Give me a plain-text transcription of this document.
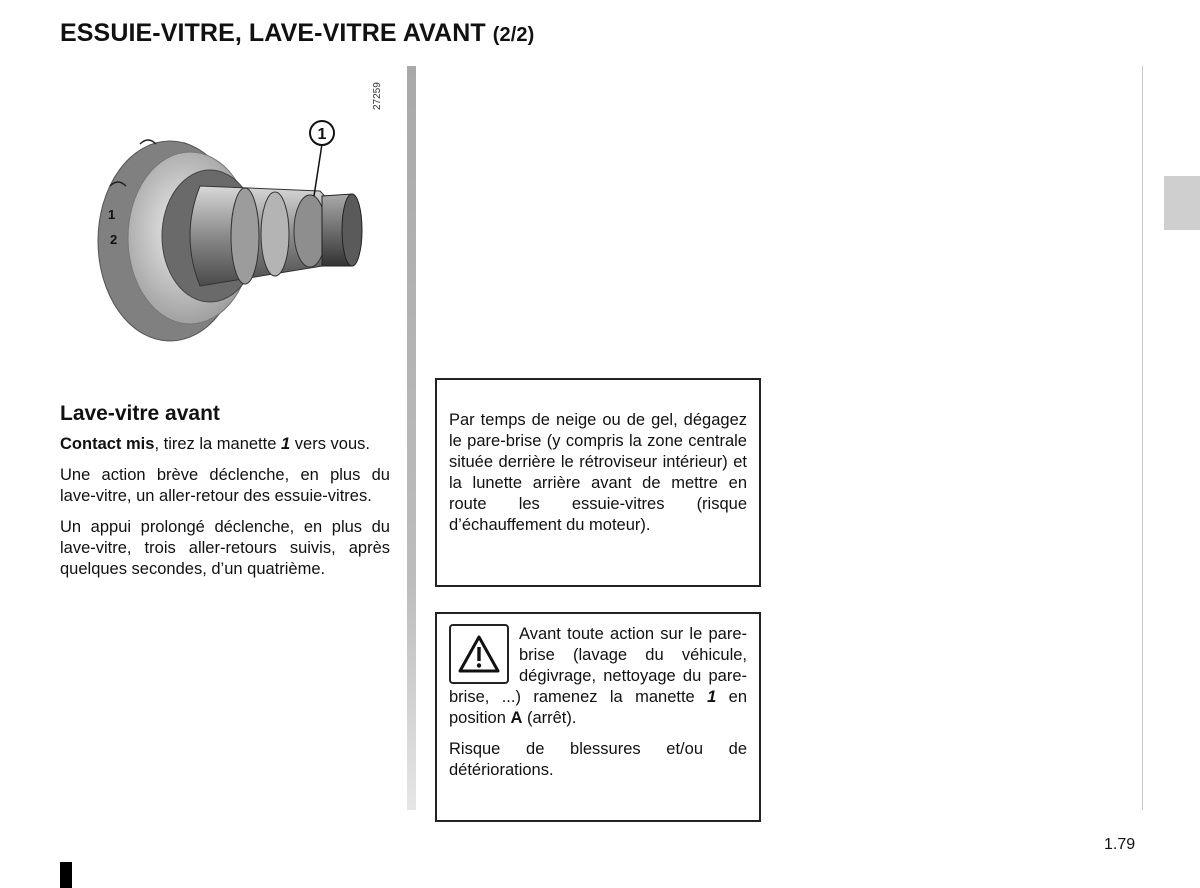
ESSUIE-VITRE, LAVE-VITRE AVANT (2/2)
1
2
1
27259
Lave-vitre avant

Contact mis, tirez la manette 1 vers vous.

Une action brève déclenche, en plus du lave-vitre, un aller-retour des essuie-vitres.

Un appui prolongé déclenche, en plus du lave-vitre, trois aller-retours suivis, après quelques secondes, d’un quatrième.

Par temps de neige ou de gel, dégagez le pare-brise (y compris la zone centrale située derrière le rétroviseur intérieur) et la lunette arrière avant de mettre en route les essuie-vitres (risque d’échauffement du moteur).

Avant toute action sur le pare-brise (lavage du véhicule, dégivrage, nettoyage du pare-brise, ...) ramenez la manette 1 en position A (arrêt).

Risque de blessures et/ou de détériorations.

1.79
